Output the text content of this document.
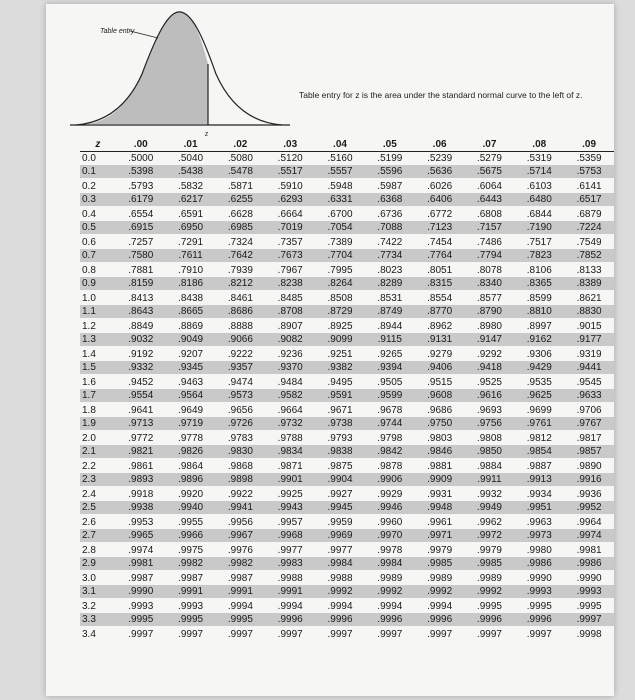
Table entry
z
Table entry for z is the area under the standard normal curve to the left of z.
z	.00	.01	.02	.03	.04	.05	.06	.07	.08	.09
0.0	.5000	.5040	.5080	.5120	.5160	.5199	.5239	.5279	.5319	.5359
0.1	.5398	.5438	.5478	.5517	.5557	.5596	.5636	.5675	.5714	.5753
0.2	.5793	.5832	.5871	.5910	.5948	.5987	.6026	.6064	.6103	.6141
0.3	.6179	.6217	.6255	.6293	.6331	.6368	.6406	.6443	.6480	.6517
0.4	.6554	.6591	.6628	.6664	.6700	.6736	.6772	.6808	.6844	.6879
0.5	.6915	.6950	.6985	.7019	.7054	.7088	.7123	.7157	.7190	.7224
0.6	.7257	.7291	.7324	.7357	.7389	.7422	.7454	.7486	.7517	.7549
0.7	.7580	.7611	.7642	.7673	.7704	.7734	.7764	.7794	.7823	.7852
0.8	.7881	.7910	.7939	.7967	.7995	.8023	.8051	.8078	.8106	.8133
0.9	.8159	.8186	.8212	.8238	.8264	.8289	.8315	.8340	.8365	.8389
1.0	.8413	.8438	.8461	.8485	.8508	.8531	.8554	.8577	.8599	.8621
1.1	.8643	.8665	.8686	.8708	.8729	.8749	.8770	.8790	.8810	.8830
1.2	.8849	.8869	.8888	.8907	.8925	.8944	.8962	.8980	.8997	.9015
1.3	.9032	.9049	.9066	.9082	.9099	.9115	.9131	.9147	.9162	.9177
1.4	.9192	.9207	.9222	.9236	.9251	.9265	.9279	.9292	.9306	.9319
1.5	.9332	.9345	.9357	.9370	.9382	.9394	.9406	.9418	.9429	.9441
1.6	.9452	.9463	.9474	.9484	.9495	.9505	.9515	.9525	.9535	.9545
1.7	.9554	.9564	.9573	.9582	.9591	.9599	.9608	.9616	.9625	.9633
1.8	.9641	.9649	.9656	.9664	.9671	.9678	.9686	.9693	.9699	.9706
1.9	.9713	.9719	.9726	.9732	.9738	.9744	.9750	.9756	.9761	.9767
2.0	.9772	.9778	.9783	.9788	.9793	.9798	.9803	.9808	.9812	.9817
2.1	.9821	.9826	.9830	.9834	.9838	.9842	.9846	.9850	.9854	.9857
2.2	.9861	.9864	.9868	.9871	.9875	.9878	.9881	.9884	.9887	.9890
2.3	.9893	.9896	.9898	.9901	.9904	.9906	.9909	.9911	.9913	.9916
2.4	.9918	.9920	.9922	.9925	.9927	.9929	.9931	.9932	.9934	.9936
2.5	.9938	.9940	.9941	.9943	.9945	.9946	.9948	.9949	.9951	.9952
2.6	.9953	.9955	.9956	.9957	.9959	.9960	.9961	.9962	.9963	.9964
2.7	.9965	.9966	.9967	.9968	.9969	.9970	.9971	.9972	.9973	.9974
2.8	.9974	.9975	.9976	.9977	.9977	.9978	.9979	.9979	.9980	.9981
2.9	.9981	.9982	.9982	.9983	.9984	.9984	.9985	.9985	.9986	.9986
3.0	.9987	.9987	.9987	.9988	.9988	.9989	.9989	.9989	.9990	.9990
3.1	.9990	.9991	.9991	.9991	.9992	.9992	.9992	.9992	.9993	.9993
3.2	.9993	.9993	.9994	.9994	.9994	.9994	.9994	.9995	.9995	.9995
3.3	.9995	.9995	.9995	.9996	.9996	.9996	.9996	.9996	.9996	.9997
3.4	.9997	.9997	.9997	.9997	.9997	.9997	.9997	.9997	.9997	.9998
